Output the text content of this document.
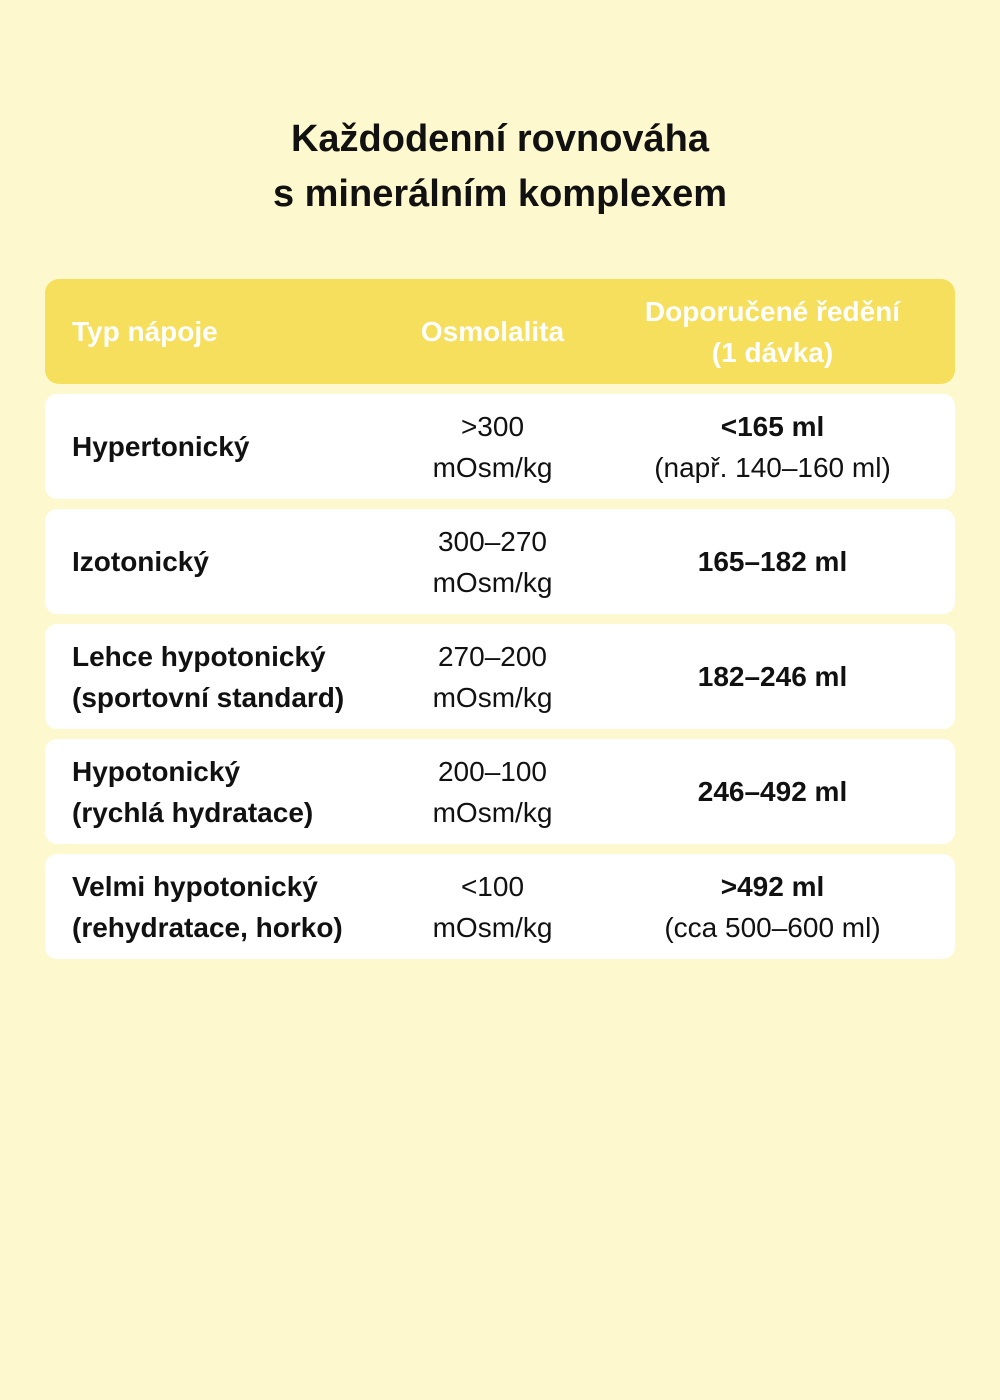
Každodenní rovnováha
s minerálním komplexem
Typ nápoje	Osmolalita
Doporučené ředění
(1 dávka)
Hypertonický
>300
mOsm/kg
<165 ml
(např. 140–160 ml)
Izotonický
300–270
mOsm/kg
165–182 ml
Lehce hypotonický
(sportovní standard)
270–200
mOsm/kg
182–246 ml
Hypotonický
(rychlá hydratace)
200–100
mOsm/kg
246–492 ml
Velmi hypotonický
(rehydratace, horko)
<100
mOsm/kg
>492 ml
(cca 500–600 ml)
